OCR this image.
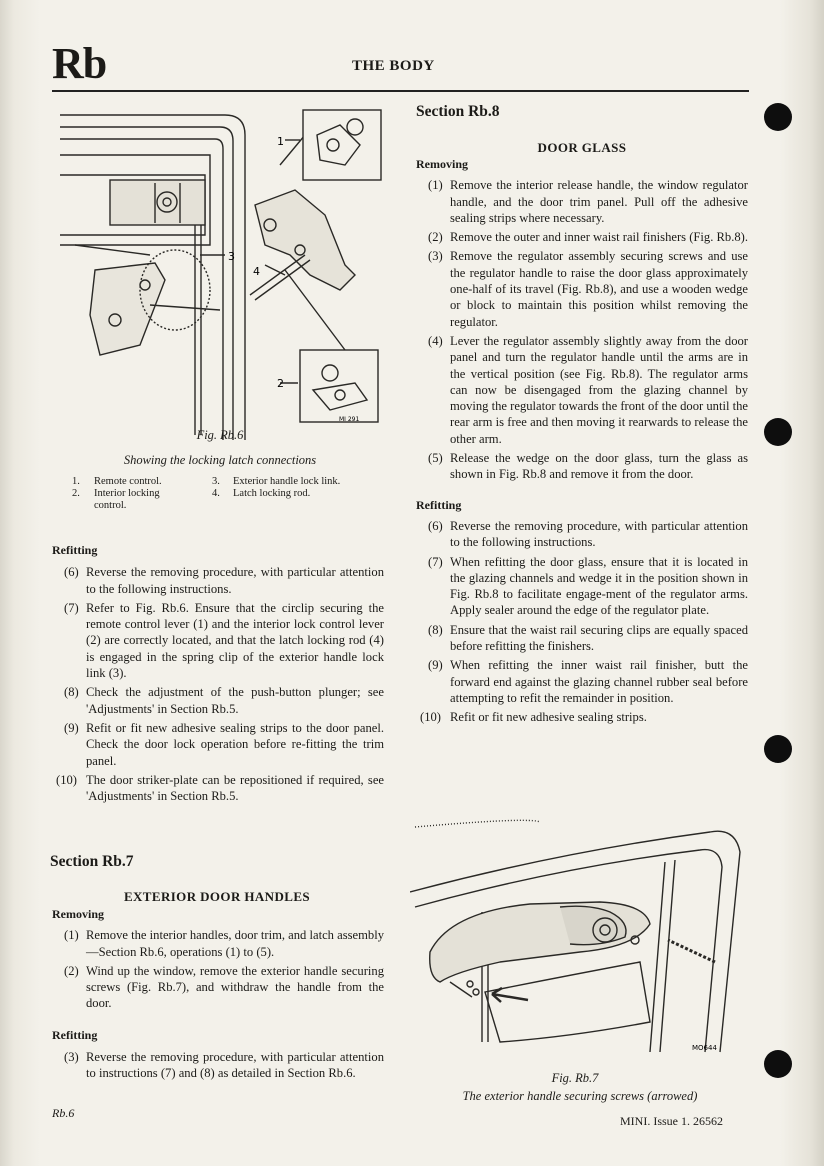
Rb	THE BODY
1
3
4
2
MI 291
Fig. Rb.6
Showing the locking latch connections
1. Remote control.
2. Interior locking control.
3. Exterior handle lock link.
4. Latch locking rod.
Refitting
(6) Reverse the removing procedure, with particular attention to the following instructions.
(7) Refer to Fig. Rb.6. Ensure that the circlip securing the remote control lever (1) and the interior lock control lever (2) are correctly located, and that the latch locking rod (4) is engaged in the spring clip of the exterior handle lock link (3).
(8) Check the adjustment of the push-button plunger; see 'Adjustments' in Section Rb.5.
(9) Refit or fit new adhesive sealing strips to the door panel. Check the door lock operation before re-fitting the trim panel.
(10) The door striker-plate can be repositioned if required, see 'Adjustments' in Section Rb.5.
Section Rb.7
EXTERIOR DOOR HANDLES
Removing
(1) Remove the interior handles, door trim, and latch assembly—Section Rb.6, operations (1) to (5).
(2) Wind up the window, remove the exterior handle securing screws (Fig. Rb.7), and withdraw the handle from the door.
Refitting
(3) Reverse the removing procedure, with particular attention to instructions (7) and (8) as detailed in Section Rb.6.
Section Rb.8
DOOR GLASS
Removing
(1) Remove the interior release handle, the window regulator handle, and the door trim panel. Pull off the adhesive sealing strips where necessary.
(2) Remove the outer and inner waist rail finishers (Fig. Rb.8).
(3) Remove the regulator assembly securing screws and use the regulator handle to raise the door glass approximately one-half of its travel (Fig. Rb.8), and use a wooden wedge or block to maintain this position whilst removing the regulator.
(4) Lever the regulator assembly slightly away from the door panel and turn the regulator handle until the arms are in the vertical position (see Fig. Rb.8). The regulator arms can now be disengaged from the glazing channel by moving the regulator towards the front of the door until the rear arm is free and then moving it rearwards to release the other arm.
(5) Release the wedge on the door glass, turn the glass as shown in Fig. Rb.8 and remove it from the door.
Refitting
(6) Reverse the removing procedure, with particular attention to the following instructions.
(7) When refitting the door glass, ensure that it is located in the glazing channels and wedge it in the position shown in Fig. Rb.8 to facilitate engage-ment of the regulator arms. Apply sealer around the edge of the regulator plate.
(8) Ensure that the waist rail securing clips are equally spaced before refitting the finishers.
(9) When refitting the inner waist rail finisher, butt the forward end against the glazing channel rubber seal before attempting to refit the remainder in position.
(10) Refit or fit new adhesive sealing strips.
MO644
Fig. Rb.7
The exterior handle securing screws (arrowed)
Rb.6
MINI. Issue 1. 26562
